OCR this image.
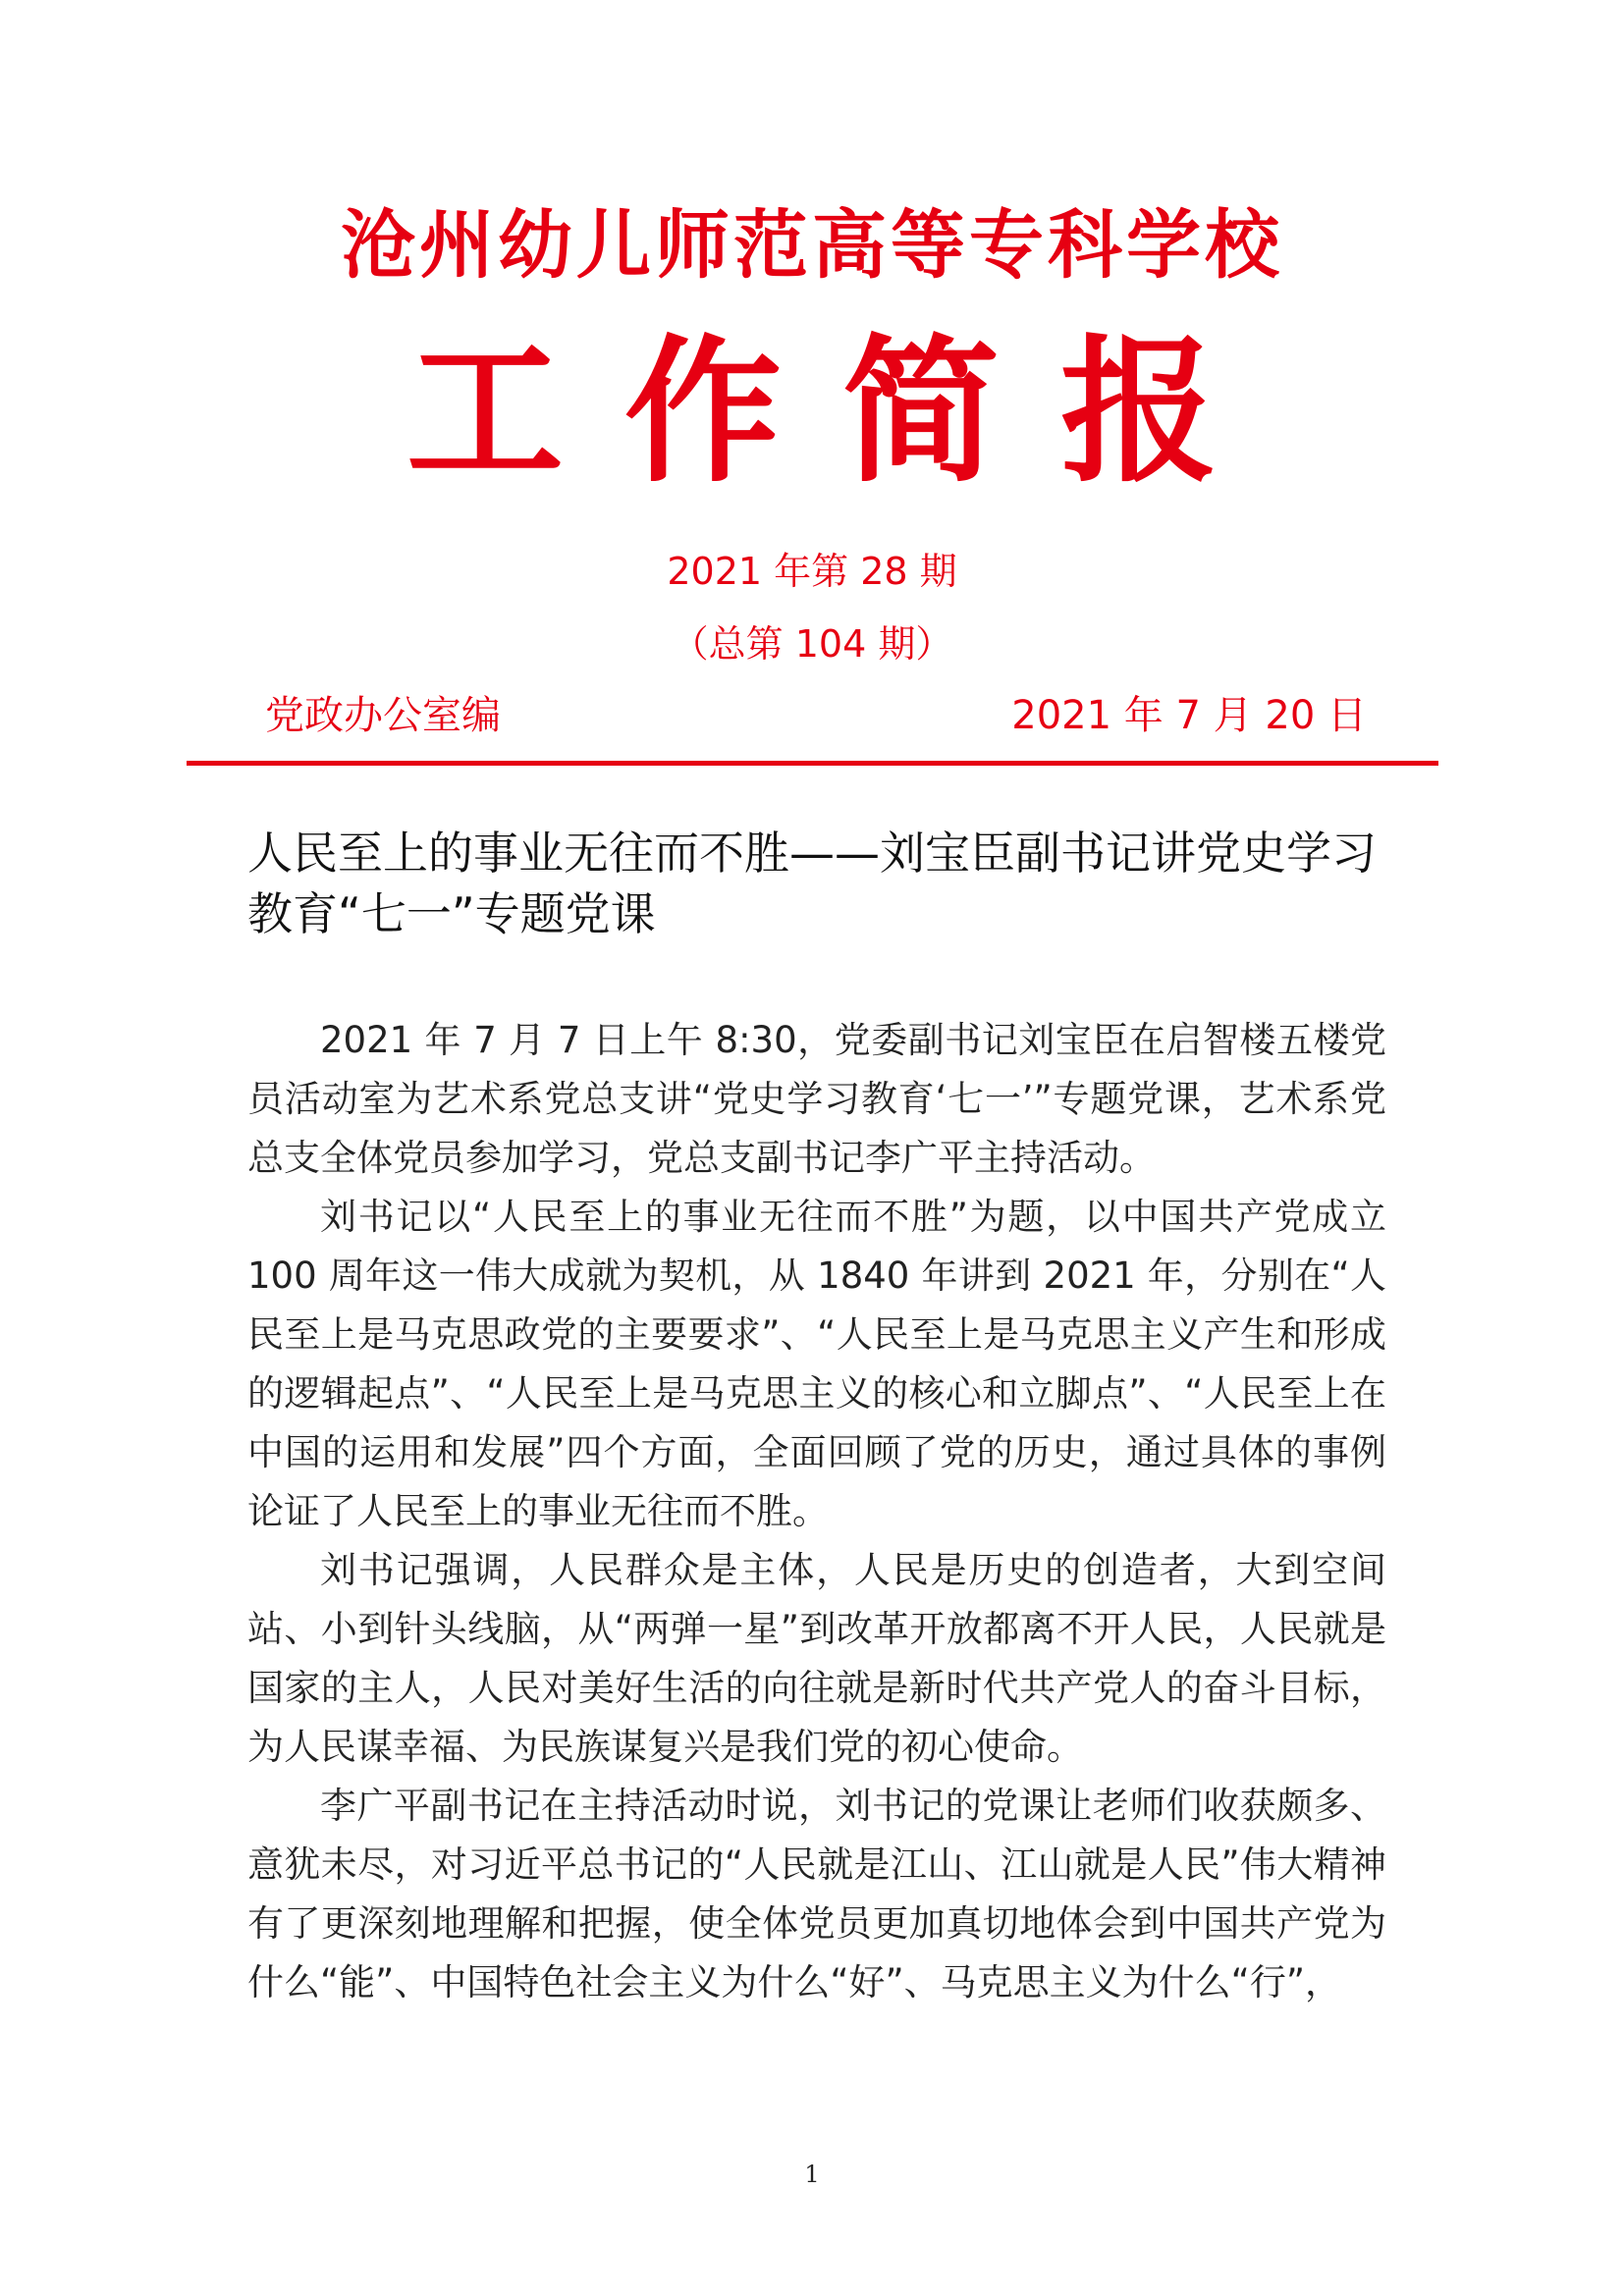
沧州幼儿师范高等专科学校
工作简报
2021 年第 28 期
（总第 104 期）
党政办公室编	2021 年 7 月 20 日
人民至上的事业无往而不胜——刘宝臣副书记讲党史学习教育“七一”专题党课

2021 年 7 月 7 日上午 8:30，党委副书记刘宝臣在启智楼五楼党员活动室为艺术系党总支讲“党史学习教育‘七一’”专题党课，艺术系党总支全体党员参加学习，党总支副书记李广平主持活动。

刘书记以“人民至上的事业无往而不胜”为题，以中国共产党成立 100 周年这一伟大成就为契机，从 1840 年讲到 2021 年，分别在“人民至上是马克思政党的主要要求”、“人民至上是马克思主义产生和形成的逻辑起点”、“人民至上是马克思主义的核心和立脚点”、“人民至上在中国的运用和发展”四个方面，全面回顾了党的历史，通过具体的事例论证了人民至上的事业无往而不胜。

刘书记强调，人民群众是主体，人民是历史的创造者，大到空间站、小到针头线脑，从“两弹一星”到改革开放都离不开人民，人民就是国家的主人，人民对美好生活的向往就是新时代共产党人的奋斗目标，为人民谋幸福、为民族谋复兴是我们党的初心使命。

李广平副书记在主持活动时说，刘书记的党课让老师们收获颇多、意犹未尽，对习近平总书记的“人民就是江山、江山就是人民”伟大精神有了更深刻地理解和把握，使全体党员更加真切地体会到中国共产党为什么“能”、中国特色社会主义为什么“好”、马克思主义为什么“行”，

1
